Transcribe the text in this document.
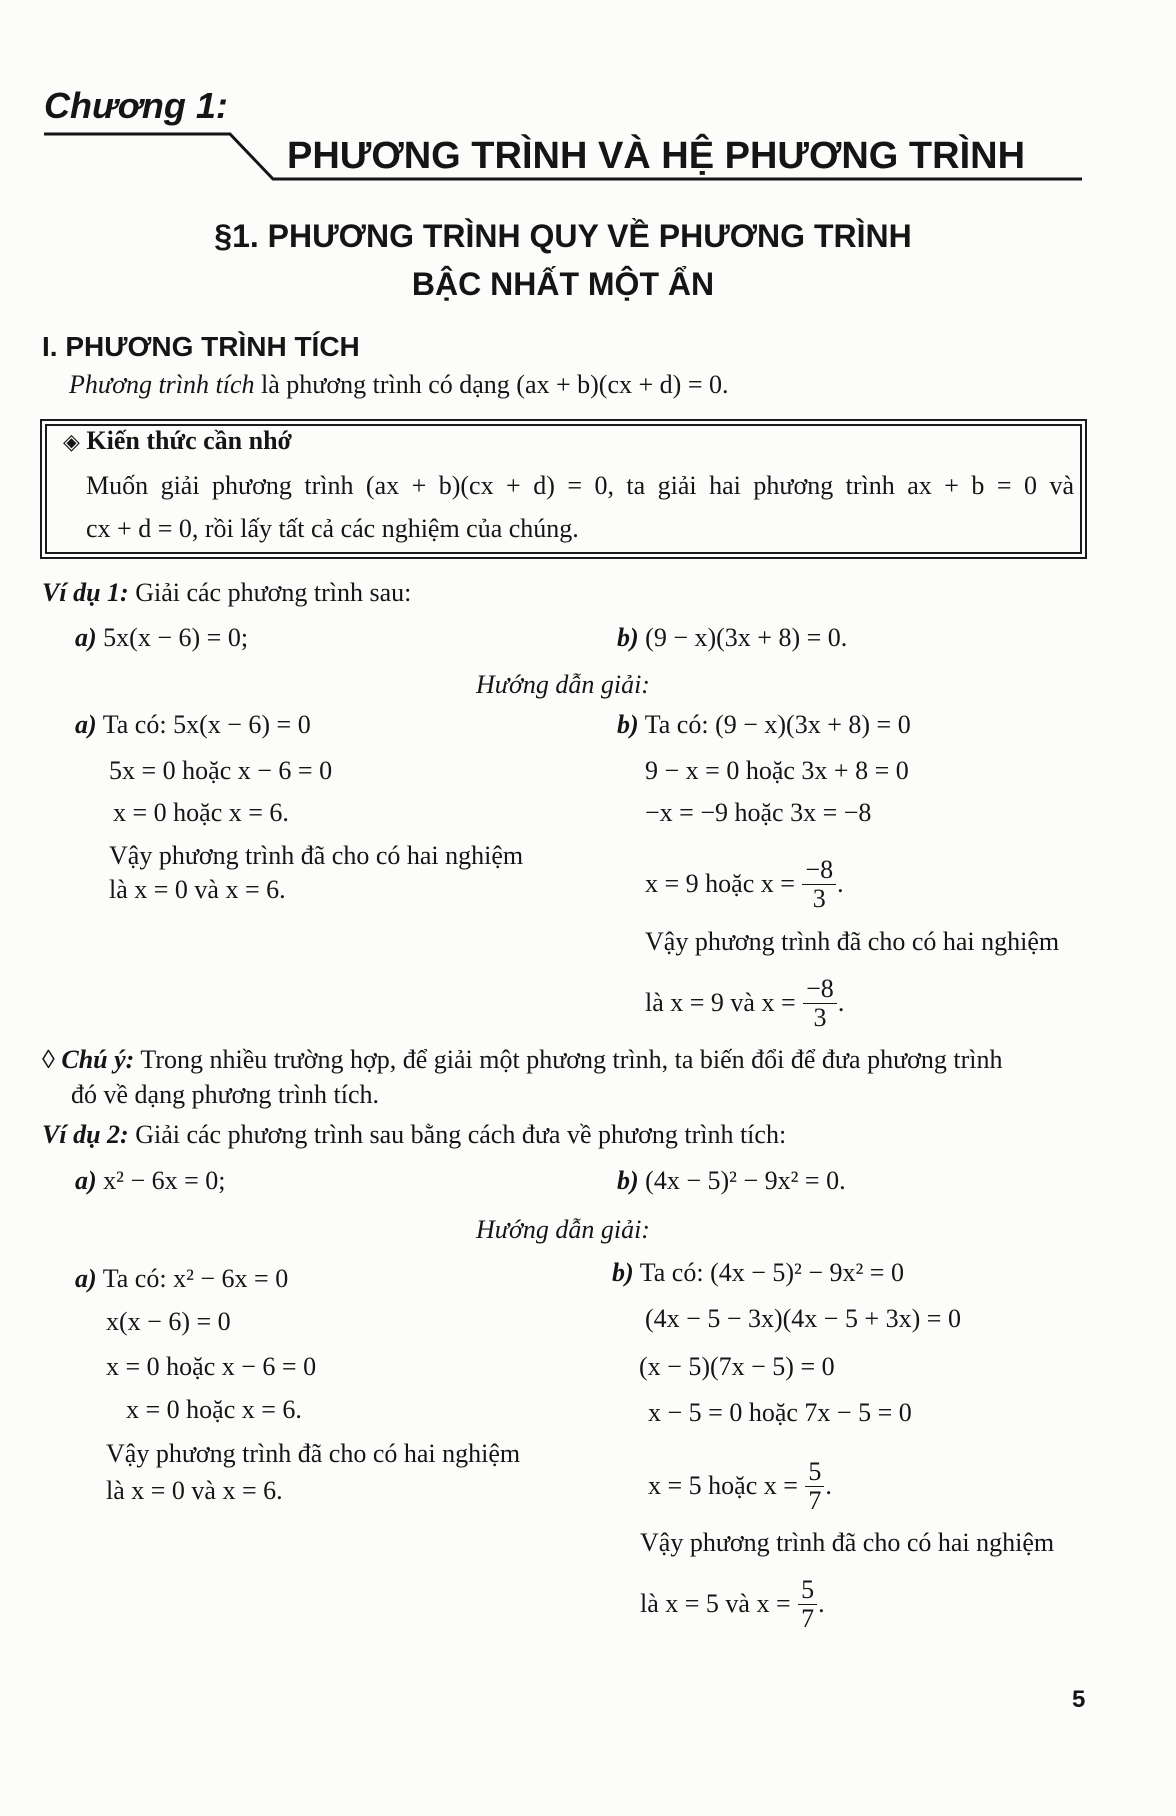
Chương 1:
PHƯƠNG TRÌNH VÀ HỆ PHƯƠNG TRÌNH
§1. PHƯƠNG TRÌNH QUY VỀ PHƯƠNG TRÌNH
BẬC NHẤT MỘT ẨN
I. PHƯƠNG TRÌNH TÍCH
Phương trình tích là phương trình có dạng (ax + b)(cx + d) = 0.
◈ Kiến thức cần nhớ
Muốn giải phương trình (ax + b)(cx + d) = 0, ta giải hai phương trình ax + b = 0 và
cx + d = 0, rồi lấy tất cả các nghiệm của chúng.
Ví dụ 1: Giải các phương trình sau:
a) 5x(x − 6) = 0;	b) (9 − x)(3x + 8) = 0.
Hướng dẫn giải:
a) Ta có: 5x(x − 6) = 0
5x = 0 hoặc x − 6 = 0
x = 0 hoặc x = 6.
Vậy phương trình đã cho có hai nghiệm
là x = 0 và x = 6.
b) Ta có: (9 − x)(3x + 8) = 0
9 − x = 0 hoặc 3x + 8 = 0
−x = −9 hoặc 3x = −8
x = 9 hoặc $x = \frac{-8}{3}$ .
Vậy phương trình đã cho có hai nghiệm
là x = 9 và $x = \frac{-8}{3}$ .
◊ Chú ý: Trong nhiều trường hợp, để giải một phương trình, ta biến đổi để đưa phương trình
đó về dạng phương trình tích.
Ví dụ 2: Giải các phương trình sau bằng cách đưa về phương trình tích:
a) x² − 6x = 0;	b) (4x − 5)² − 9x² = 0.
Hướng dẫn giải:
a) Ta có: x² − 6x = 0
x(x − 6) = 0
x = 0 hoặc x − 6 = 0
x = 0 hoặc x = 6.
Vậy phương trình đã cho có hai nghiệm
là x = 0 và x = 6.
b) Ta có: (4x − 5)² − 9x² = 0
(4x − 5 − 3x)(4x − 5 + 3x) = 0
(x − 5)(7x − 5) = 0
x − 5 = 0 hoặc 7x − 5 = 0
x = 5 hoặc $x = \frac{5}{7}$ .
Vậy phương trình đã cho có hai nghiệm
là x = 5 và $x = \frac{5}{7}$ .
5
